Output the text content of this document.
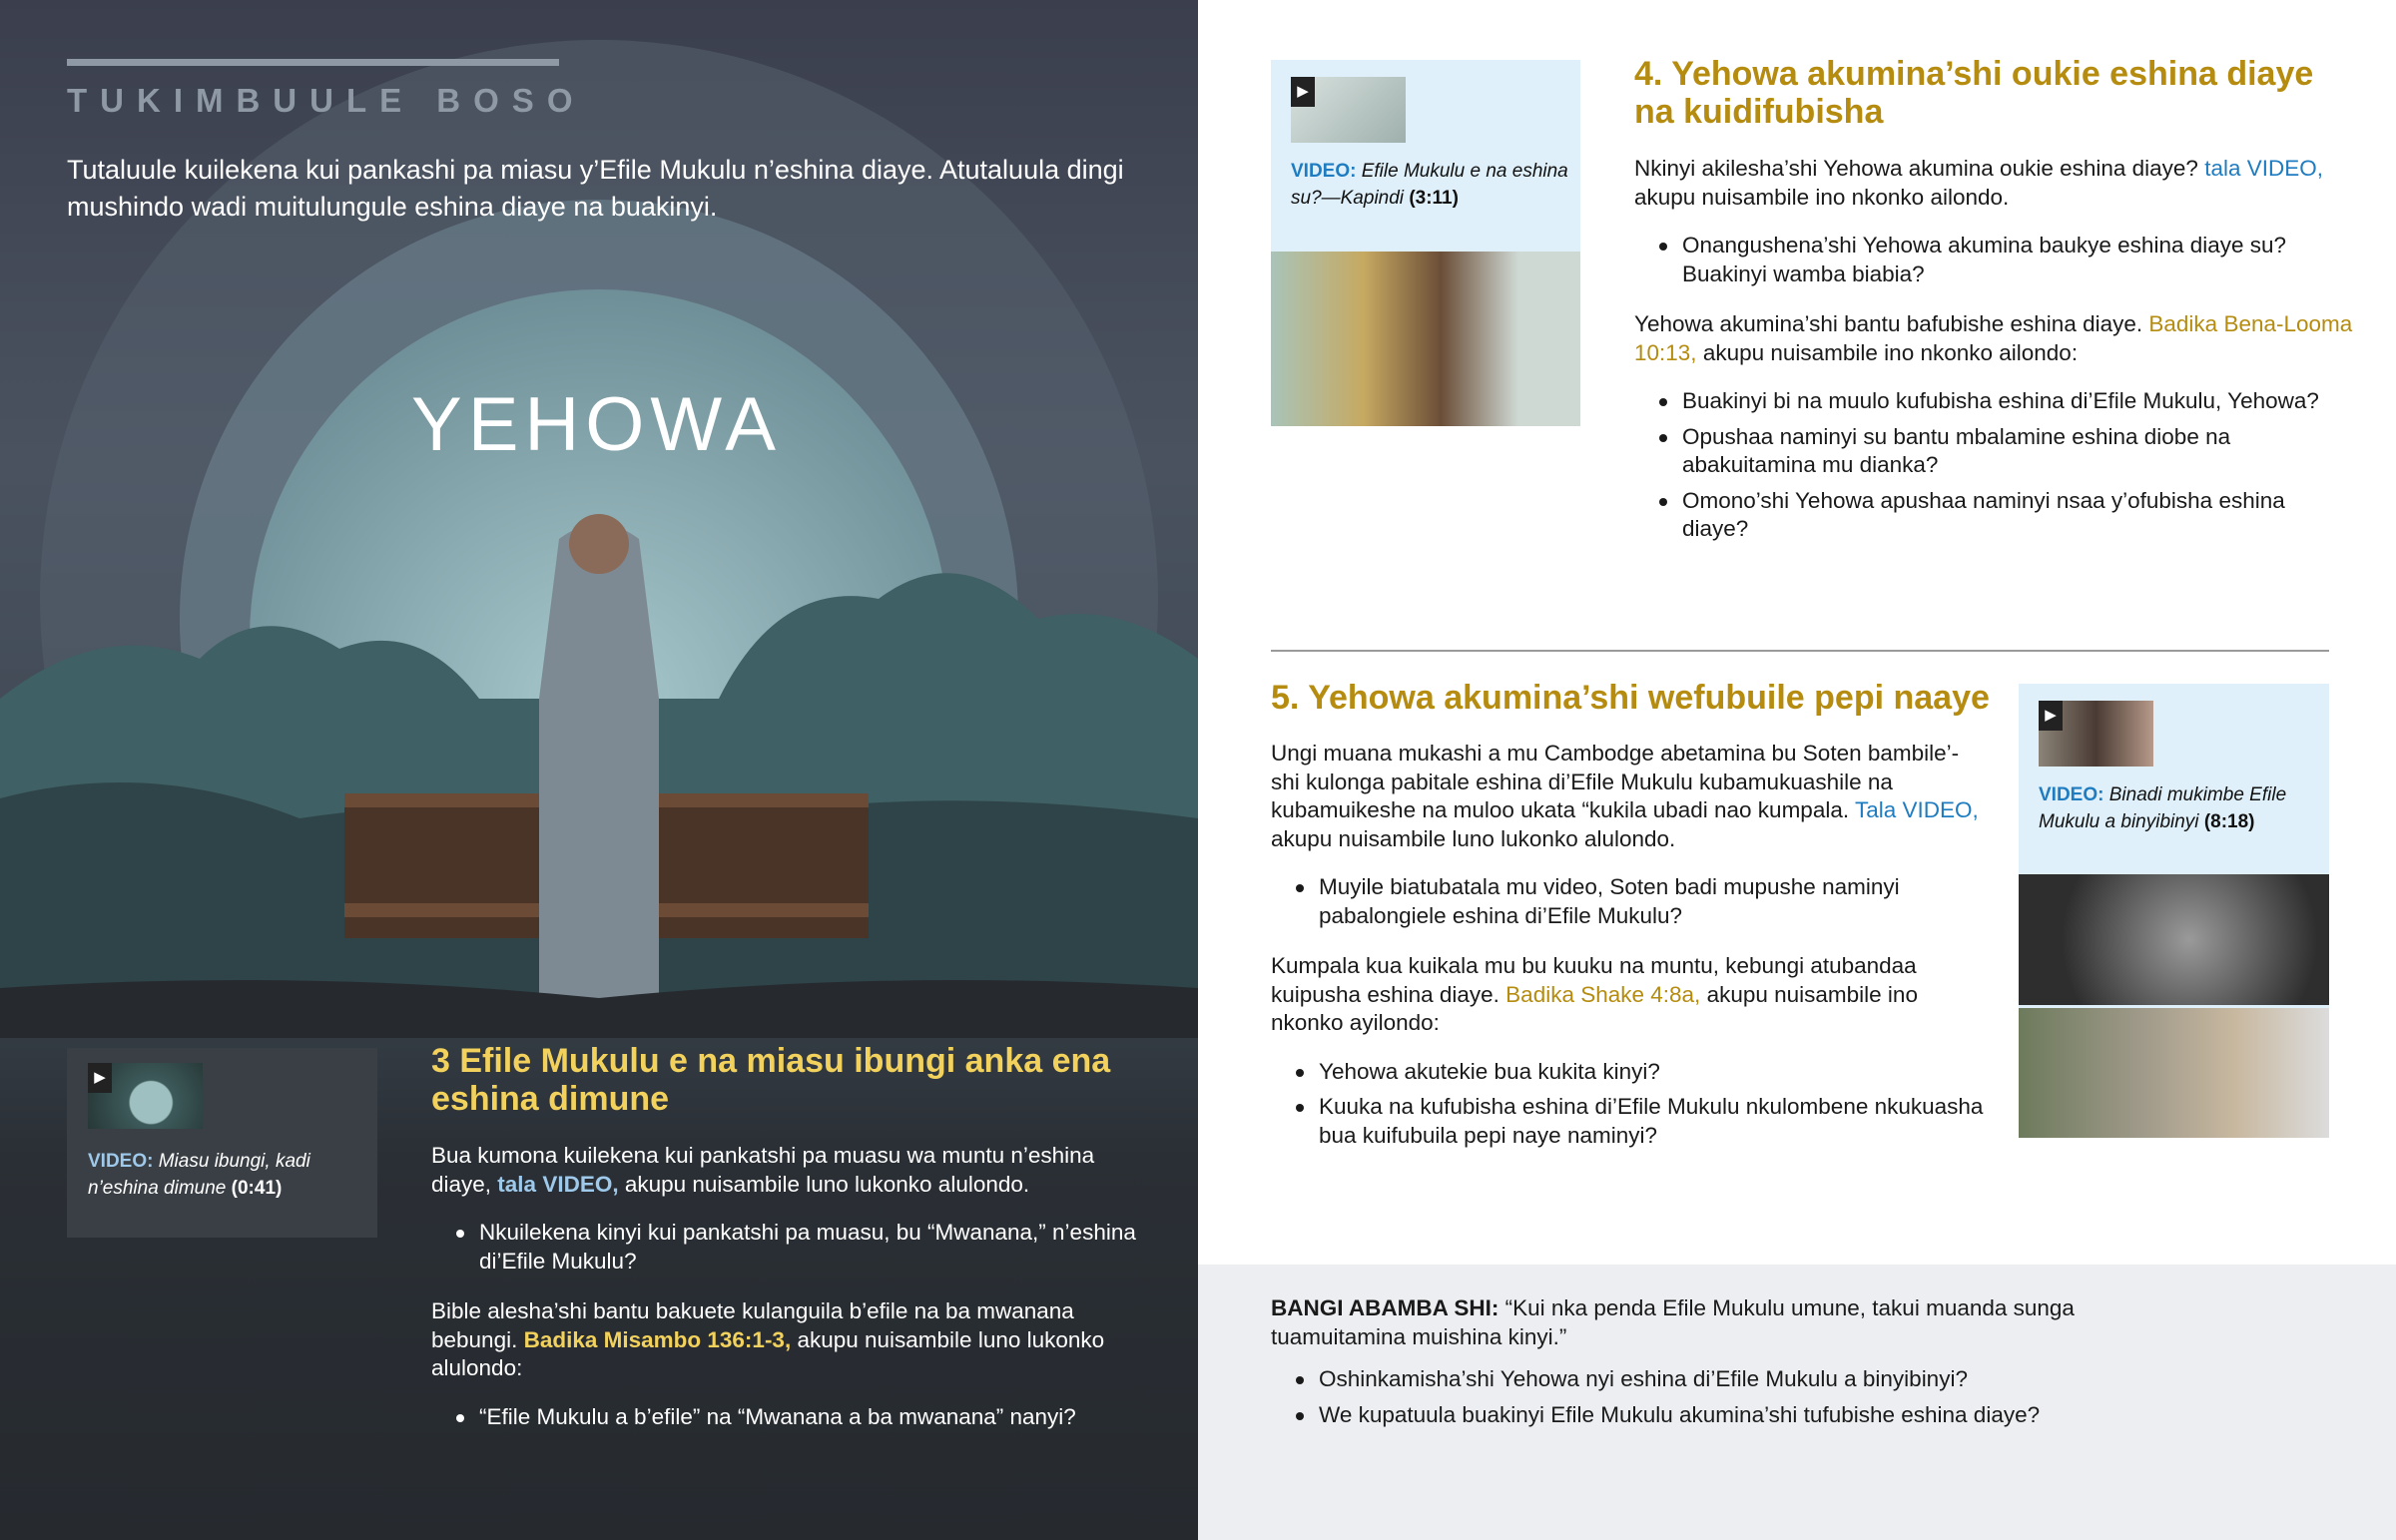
TUKIMBUULE BOSO
Tutaluule kuilekena kui pankashi pa miasu y’Efile Mukulu n’eshina diaye. Atutaluula dingi mushindo wadi muitulungule eshina diaye na buakinyi.
YEHOWA
▶
VIDEO: Miasu ibungi, kadi n’eshina dimune (0:41)
3 Efile Mukulu e na miasu ibungi anka ena eshina dimune

Bua kumona kuilekena kui pankatshi pa muasu wa muntu n’eshina diaye, tala VIDEO, akupu nuisambile luno lukonko alulondo.

Nkuilekena kinyi kui pankatshi pa muasu, bu “Mwanana,” n’eshina di’Efile Mukulu?

Bible alesha’shi bantu bakuete kulanguila b’efile na ba mwanana bebungi. Badika Misambo 136:1-3, akupu nuisambile luno lukonko alulondo:

“Efile Mukulu a b’efile” na “Mwanana a ba mwanana” nanyi?
▶
VIDEO: Efile Mukulu e na eshina su?—Kapindi (3:11)
4. Yehowa akumina’shi oukie eshina diaye na kuidifubisha

Nkinyi akilesha’shi Yehowa akumina oukie eshina diaye? tala VIDEO, akupu nuisambile ino nkonko ailondo.

Onangushena’shi Yehowa akumina baukye eshina diaye su? Buakinyi wamba biabia?

Yehowa akumina’shi bantu bafubishe eshina diaye. Badika Bena-Looma 10:13, akupu nuisambile ino nkonko ailondo:

Buakinyi bi na muulo kufubisha eshina di’Efile Mukulu, Yehowa?
Opushaa naminyi su bantu mbalamine eshina diobe na abakuitamina mu dianka?
Omono’shi Yehowa apushaa naminyi nsaa y’ofubisha eshina diaye?
5. Yehowa akumina’shi wefubuile pepi naaye

Ungi muana mukashi a mu Cambodge abetamina bu Soten bambile’-shi kulonga pabitale eshina di’Efile Mukulu kubamukuashile na kubamuikeshe na muloo ukata “kukila ubadi nao kumpala. Tala VIDEO, akupu nuisambile luno lukonko alulondo.

Muyile biatubatala mu video, Soten badi mupushe naminyi pabalongiele eshina di’Efile Mukulu?

Kumpala kua kuikala mu bu kuuku na muntu, kebungi atubandaa kuipusha eshina diaye. Badika Shake 4:8a, akupu nuisambile ino nkonko ayilondo:

Yehowa akutekie bua kukita kinyi?
Kuuka na kufubisha eshina di’Efile Mukulu nkulombene nkukuasha bua kuifubuila pepi naye naminyi?
▶
VIDEO: Binadi mukimbe Efile Mukulu a binyibinyi (8:18)

BANGI ABAMBA SHI: “Kui nka penda Efile Mukulu umune, takui muanda sunga tuamuitamina muishina kinyi.”

Oshinkamisha’shi Yehowa nyi eshina di’Efile Mukulu a binyibinyi?
We kupatuula buakinyi Efile Mukulu akumina’shi tufubishe eshina diaye?
